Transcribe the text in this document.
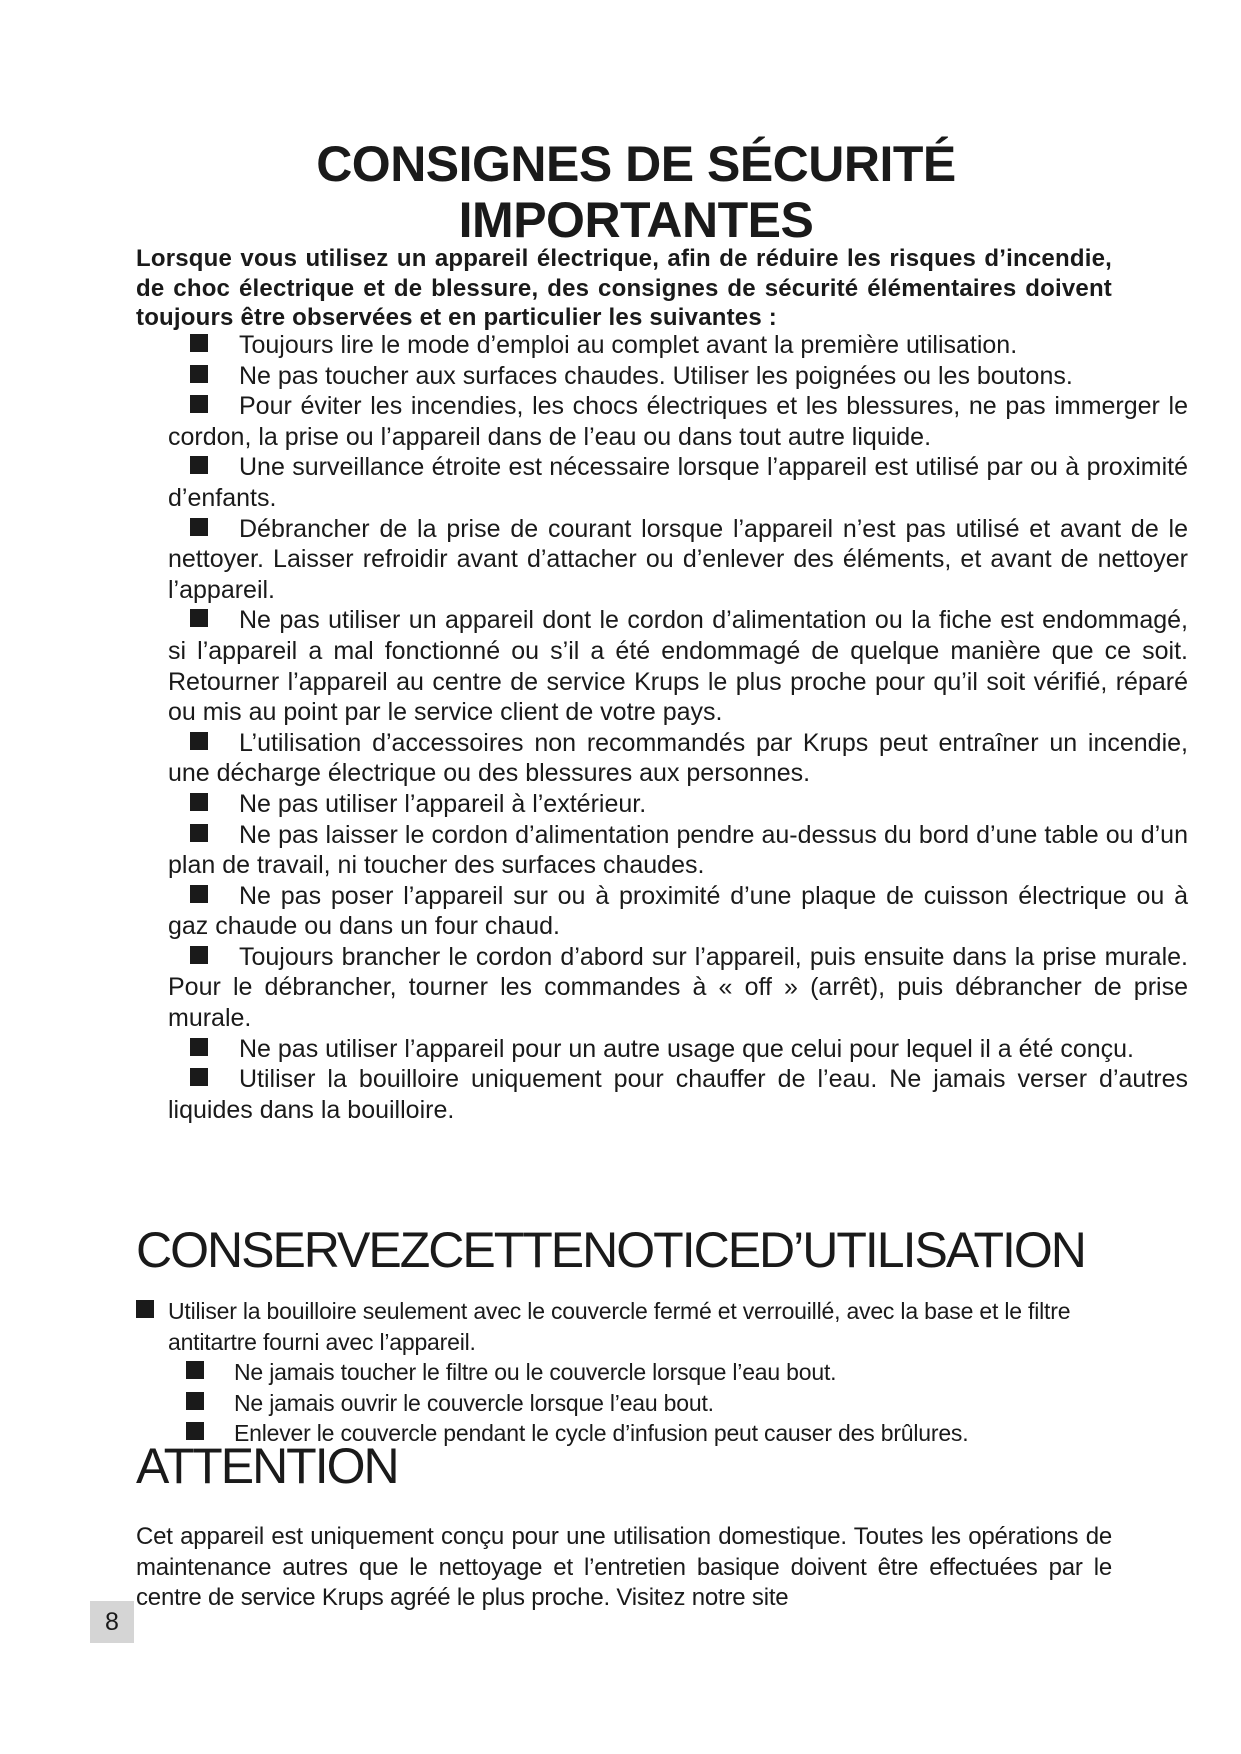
CONSIGNES DE SÉCURITÉ
IMPORTANTES

Lorsque vous utilisez un appareil électrique, afin de réduire les risques d’incendie, de choc électrique et de blessure, des consignes de sécurité élémentaires doivent toujours être observées et en particulier les suivantes :

Toujours lire le mode d’emploi au complet avant la première utilisation.
Ne pas toucher aux surfaces chaudes. Utiliser les poignées ou les boutons.
Pour éviter les incendies, les chocs électriques et les blessures, ne pas immerger le cordon, la prise ou l’appareil dans de l’eau ou dans tout autre liquide.
Une surveillance étroite est nécessaire lorsque l’appareil est utilisé par ou à proximité d’enfants.
Débrancher de la prise de courant lorsque l’appareil n’est pas utilisé et avant de le nettoyer. Laisser refroidir avant d’attacher ou d’enlever des éléments, et avant de nettoyer l’appareil.
Ne pas utiliser un appareil dont le cordon d’alimentation ou la fiche est endommagé, si l’appareil a mal fonctionné ou s’il a été endommagé de quelque manière que ce soit. Retourner l’appareil au centre de service Krups le plus proche pour qu’il soit vérifié, réparé ou mis au point par le service client de votre pays.
L’utilisation d’accessoires non recommandés par Krups peut entraîner un incendie, une décharge électrique ou des blessures aux personnes.
Ne pas utiliser l’appareil à l’extérieur.
Ne pas laisser le cordon d’alimentation pendre au-dessus du bord d’une table ou d’un plan de travail, ni toucher des surfaces chaudes.
Ne pas poser l’appareil sur ou à proximité d’une plaque de cuisson électrique ou à gaz chaude ou dans un four chaud.
Toujours brancher le cordon d’abord sur l’appareil, puis ensuite dans la prise murale. Pour le débrancher, tourner les commandes à « off » (arrêt), puis débrancher de prise murale.
Ne pas utiliser l’appareil pour un autre usage que celui pour lequel il a été conçu.
Utiliser la bouilloire uniquement pour chauffer de l’eau. Ne jamais verser d’autres liquides dans la bouilloire.
CONSERVEZCETTENOTICED’UTILISATION
Utiliser la bouilloire seulement avec le couvercle fermé et verrouillé, avec la base et le filtre antitartre fourni avec l’appareil.
Ne jamais toucher le filtre ou le couvercle lorsque l’eau bout.
Ne jamais ouvrir le couvercle lorsque l’eau bout.
Enlever le couvercle pendant le cycle d’infusion peut causer des brûlures.
ATTENTION

Cet appareil est uniquement conçu pour une utilisation domestique. Toutes les opérations de maintenance autres que le nettoyage et l’entretien basique doivent être effectuées par le centre de service Krups agréé le plus proche. Visitez notre site

8
